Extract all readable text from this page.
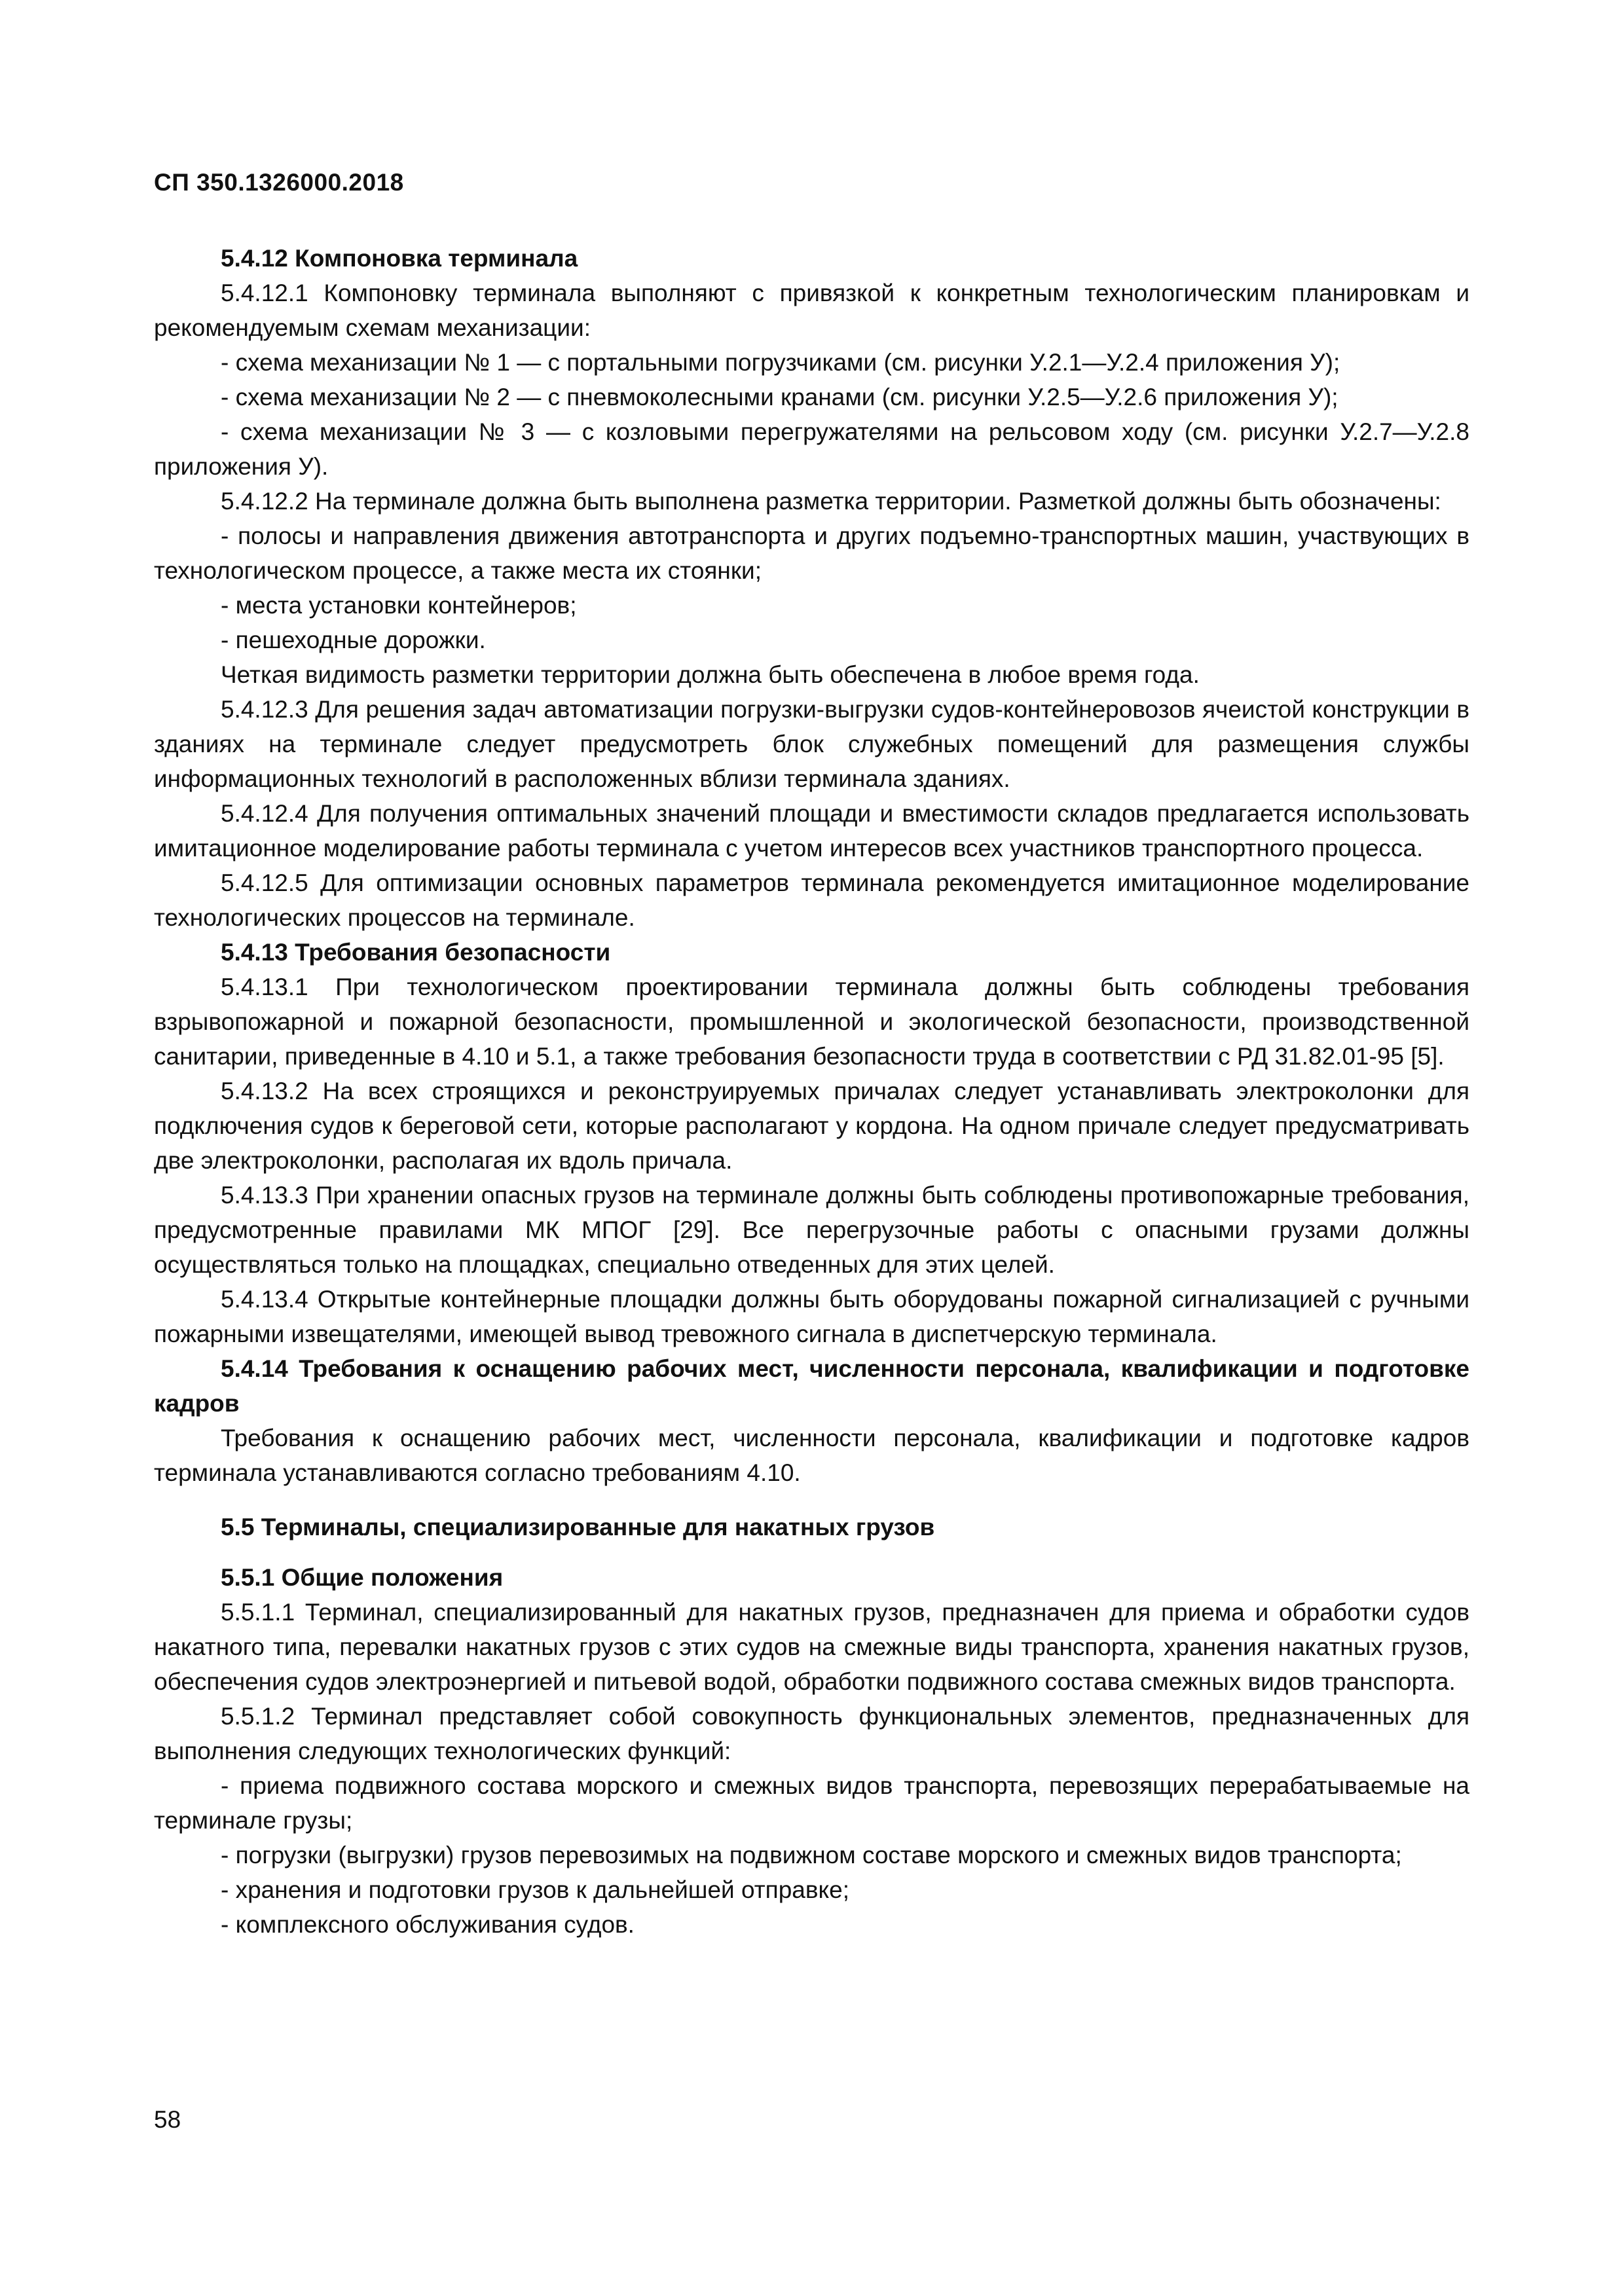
СП 350.1326000.2018

5.4.12 Компоновка терминала

5.4.12.1 Компоновку терминала выполняют с привязкой к конкретным технологическим планировкам и рекомендуемым схемам механизации:

- схема механизации № 1 — с портальными погрузчиками (см. рисунки У.2.1—У.2.4 приложения У);

- схема механизации № 2 — с пневмоколесными кранами (см. рисунки У.2.5—У.2.6 приложения У);

- схема механизации № 3 — с козловыми перегружателями на рельсовом ходу (см. рисунки У.2.7—У.2.8 приложения У).

5.4.12.2 На терминале должна быть выполнена разметка территории. Разметкой должны быть обозначены:

- полосы и направления движения автотранспорта и других подъемно-транспортных машин, участвующих в технологическом процессе, а также места их стоянки;

- места установки контейнеров;

- пешеходные дорожки.

Четкая видимость разметки территории должна быть обеспечена в любое время года.

5.4.12.3 Для решения задач автоматизации погрузки-выгрузки судов-контейнеровозов ячеистой конструкции в зданиях на терминале следует предусмотреть блок служебных помещений для размещения службы информационных технологий в расположенных вблизи терминала зданиях.

5.4.12.4 Для получения оптимальных значений площади и вместимости складов предлагается использовать имитационное моделирование работы терминала с учетом интересов всех участников транспортного процесса.

5.4.12.5 Для оптимизации основных параметров терминала рекомендуется имитационное моделирование технологических процессов на терминале.

5.4.13 Требования безопасности

5.4.13.1 При технологическом проектировании терминала должны быть соблюдены требования взрывопожарной и пожарной безопасности, промышленной и экологической безопасности, производственной санитарии, приведенные в 4.10 и 5.1, а также требования безопасности труда в соответствии с РД 31.82.01-95 [5].

5.4.13.2 На всех строящихся и реконструируемых причалах следует устанавливать электроколонки для подключения судов к береговой сети, которые располагают у кордона. На одном причале следует предусматривать две электроколонки, располагая их вдоль причала.

5.4.13.3 При хранении опасных грузов на терминале должны быть соблюдены противопожарные требования, предусмотренные правилами МК МПОГ [29]. Все перегрузочные работы с опасными грузами должны осуществляться только на площадках, специально отведенных для этих целей.

5.4.13.4 Открытые контейнерные площадки должны быть оборудованы пожарной сигнализацией с ручными пожарными извещателями, имеющей вывод тревожного сигнала в диспетчерскую терминала.

5.4.14 Требования к оснащению рабочих мест, численности персонала, квалификации и подготовке кадров

Требования к оснащению рабочих мест, численности персонала, квалификации и подготовке кадров терминала устанавливаются согласно требованиям 4.10.

5.5 Терминалы, специализированные для накатных грузов

5.5.1 Общие положения

5.5.1.1 Терминал, специализированный для накатных грузов, предназначен для приема и обработки судов накатного типа, перевалки накатных грузов с этих судов на смежные виды транспорта, хранения накатных грузов, обеспечения судов электроэнергией и питьевой водой, обработки подвижного состава смежных видов транспорта.

5.5.1.2 Терминал представляет собой совокупность функциональных элементов, предназначенных для выполнения следующих технологических функций:

- приема подвижного состава морского и смежных видов транспорта, перевозящих перерабатываемые на терминале грузы;

- погрузки (выгрузки) грузов перевозимых на подвижном составе морского и смежных видов транспорта;

- хранения и подготовки грузов к дальнейшей отправке;

- комплексного обслуживания судов.

58
